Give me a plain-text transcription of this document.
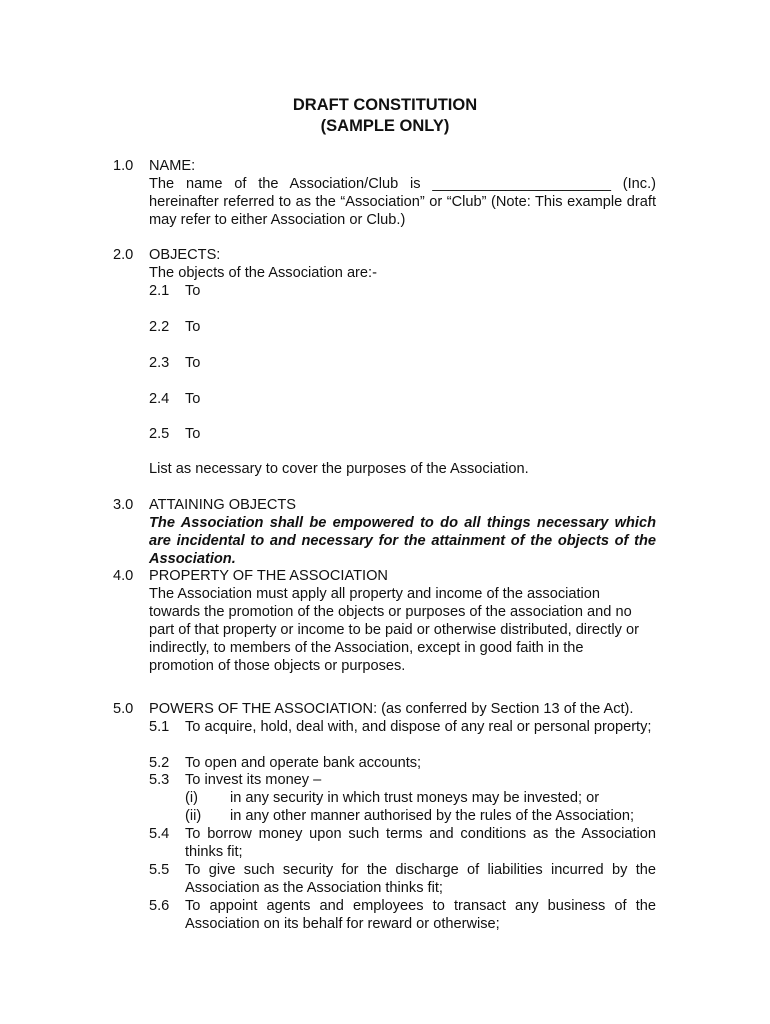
DRAFT CONSTITUTION
(SAMPLE ONLY)
1.0 NAME:
The name of the Association/Club is ______________________ (Inc.) hereinafter referred to as the “Association” or “Club” (Note: This example draft may refer to either Association or Club.)
2.0 OBJECTS:
The objects of the Association are:-
2.1 To
2.2 To
2.3 To
2.4 To
2.5 To
List as necessary to cover the purposes of the Association.
3.0 ATTAINING OBJECTS
The Association shall be empowered to do all things necessary which are incidental to and necessary for the attainment of the objects of the Association.
4.0 PROPERTY OF THE ASSOCIATION
The Association must apply all property and income of the association
towards the promotion of the objects or purposes of the association and no
part of that property or income to be paid or otherwise distributed, directly or
indirectly, to members of the Association, except in good faith in the
promotion of those objects or purposes.
5.0 POWERS OF THE ASSOCIATION: (as conferred by Section 13 of the Act).
5.1 To acquire, hold, deal with, and dispose of any real or personal property;
5.2 To open and operate bank accounts;
5.3 To invest its money –
(i) in any security in which trust moneys may be invested; or
(ii) in any other manner authorised by the rules of the Association;
5.4 To borrow money upon such terms and conditions as the Association thinks fit;
5.5 To give such security for the discharge of liabilities incurred by the Association as the Association thinks fit;
5.6 To appoint agents and employees to transact any business of the Association on its behalf for reward or otherwise;
